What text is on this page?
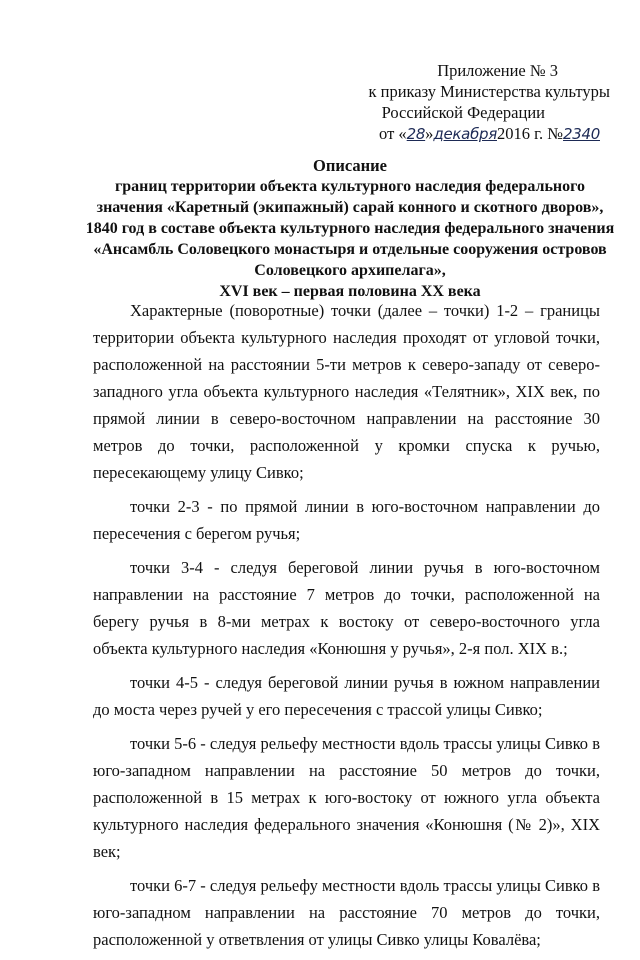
Приложение № 3
к приказу Министерства культуры
Российской Федерации
от «28»декабря2016 г. №2340
Описание
границ территории объекта культурного наследия федерального
значения «Каретный (экипажный) сарай конного и скотного дворов»,
1840 год в составе объекта культурного наследия федерального значения
«Ансамбль Соловецкого монастыря и отдельные сооружения островов
Соловецкого архипелага»,
XVI век – первая половина XX века

Характерные (поворотные) точки (далее – точки) 1-2 – границы территории объекта культурного наследия проходят от угловой точки, расположенной на расстоянии 5-ти метров к северо-западу от северо-западного угла объекта культурного наследия «Телятник», XIX век, по прямой линии в северо-восточном направлении на расстояние 30 метров до точки, расположенной у кромки спуска к ручью, пересекающему улицу Сивко;

точки 2-3 - по прямой линии в юго-восточном направлении до пересечения с берегом ручья;

точки 3-4 - следуя береговой линии ручья в юго-восточном направлении на расстояние 7 метров до точки, расположенной на берегу ручья в 8-ми метрах к востоку от северо-восточного угла объекта культурного наследия «Конюшня у ручья», 2-я пол. XIX в.;

точки 4-5 - следуя береговой линии ручья в южном направлении до моста через ручей у его пересечения с трассой улицы Сивко;

точки 5-6 - следуя рельефу местности вдоль трассы улицы Сивко в юго-западном направлении на расстояние 50 метров до точки, расположенной в 15 метрах к юго-востоку от южного угла объекта культурного наследия федерального значения «Конюшня (№ 2)», XIX век;

точки 6-7 - следуя рельефу местности вдоль трассы улицы Сивко в юго-западном направлении на расстояние 70 метров до точки, расположенной у ответвления от улицы Сивко улицы Ковалёва;
